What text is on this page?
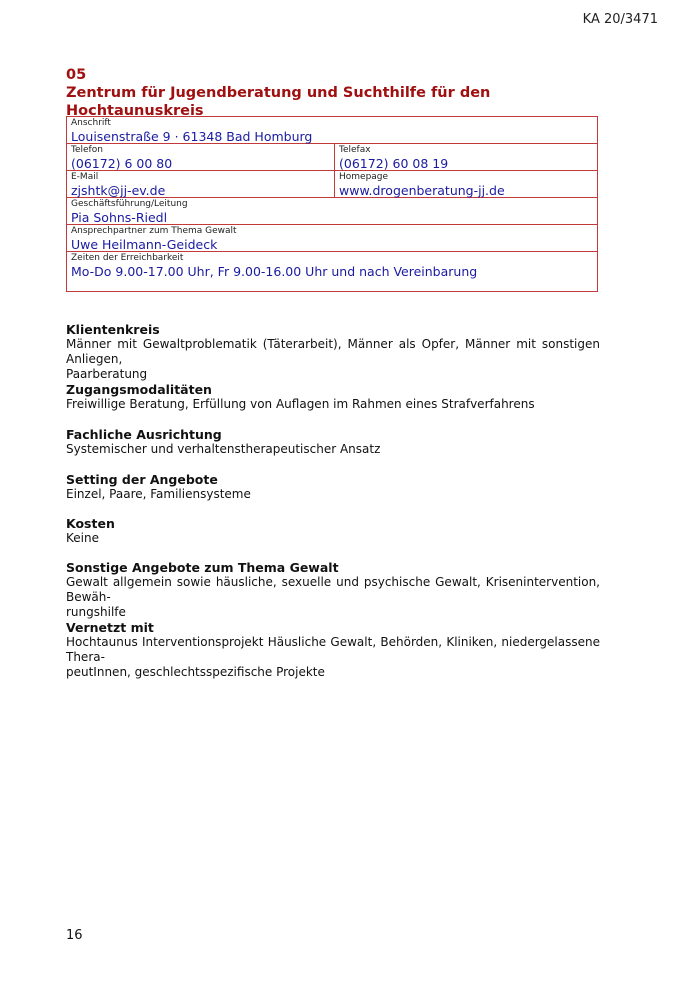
KA 20/3471
05
Zentrum für Jugendberatung und Suchthilfe für den Hochtaunuskreis
Anschrift
Louisenstraße 9 · 61348 Bad Homburg
Telefon
(06172) 6 00 80
Telefax
(06172) 60 08 19
E-Mail
zjshtk@jj-ev.de
Homepage
www.drogenberatung-jj.de
Geschäftsführung/Leitung
Pia Sohns-Riedl
Ansprechpartner zum Thema Gewalt
Uwe Heilmann-Geideck
Zeiten der Erreichbarkeit
Mo-Do 9.00-17.00 Uhr, Fr 9.00-16.00 Uhr und nach Vereinbarung
Klientenkreis
Männer mit Gewaltproblematik (Täterarbeit), Männer als Opfer, Männer mit sonstigen Anliegen,
Paarberatung
Zugangsmodalitäten
Freiwillige Beratung, Erfüllung von Auflagen im Rahmen eines Strafverfahrens
Fachliche Ausrichtung
Systemischer und verhaltenstherapeutischer Ansatz
Setting der Angebote
Einzel, Paare, Familiensysteme
Kosten
Keine
Sonstige Angebote zum Thema Gewalt
Gewalt allgemein sowie häusliche, sexuelle und psychische Gewalt, Krisenintervention, Bewäh-
rungshilfe
Vernetzt mit
Hochtaunus Interventionsprojekt Häusliche Gewalt, Behörden, Kliniken, niedergelassene Thera-
peutInnen, geschlechtsspezifische Projekte
16
